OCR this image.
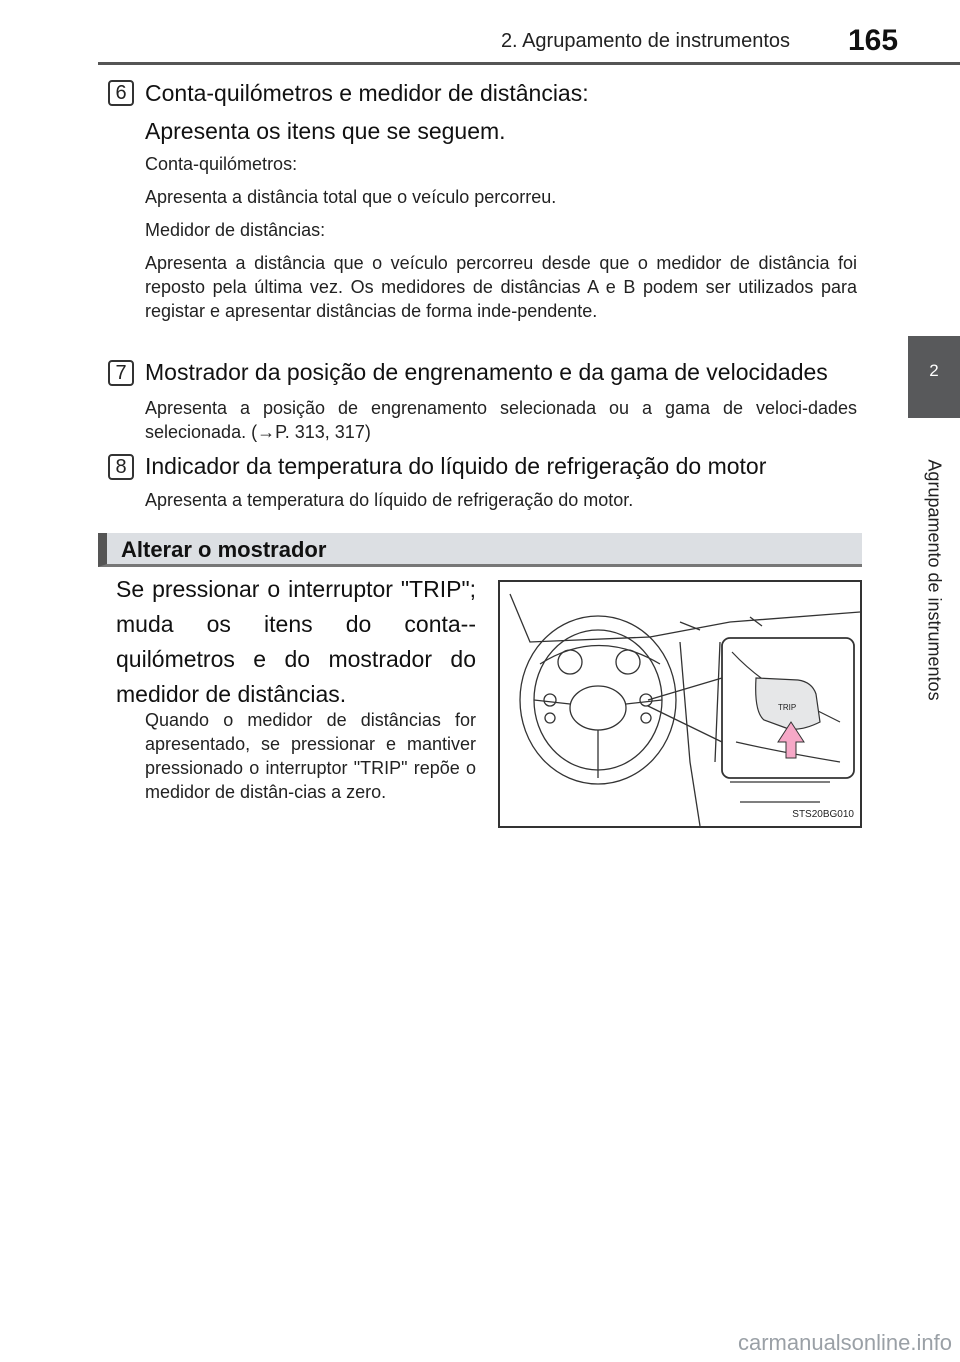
2. Agrupamento de instrumentos 165
2
Agrupamento de instrumentos
6 Conta-quilómetros e medidor de distâncias:
Apresenta os itens que se seguem.
Conta-quilómetros:
Apresenta a distância total que o veículo percorreu.
Medidor de distâncias:
Apresenta a distância que o veículo percorreu desde que o medidor de distância foi reposto pela última vez. Os medidores de distâncias A e B podem ser utilizados para registar e apresentar distâncias de forma inde-pendente.
7 Mostrador da posição de engrenamento e da gama de velocidades
Apresenta a posição de engrenamento selecionada ou a gama de veloci-dades selecionada. (→P. 313, 317)
8 Indicador da temperatura do líquido de refrigeração do motor
Apresenta a temperatura do líquido de refrigeração do motor.
Alterar o mostrador
Se pressionar o interruptor "TRIP"; muda os itens do conta--quilómetros e do mostrador do medidor de distâncias.
Quando o medidor de distâncias for apresentado, se pressionar e mantiver pressionado o interruptor "TRIP" repõe o medidor de distân-cias a zero.
TRIP
STS20BG010
carmanualsonline.info
